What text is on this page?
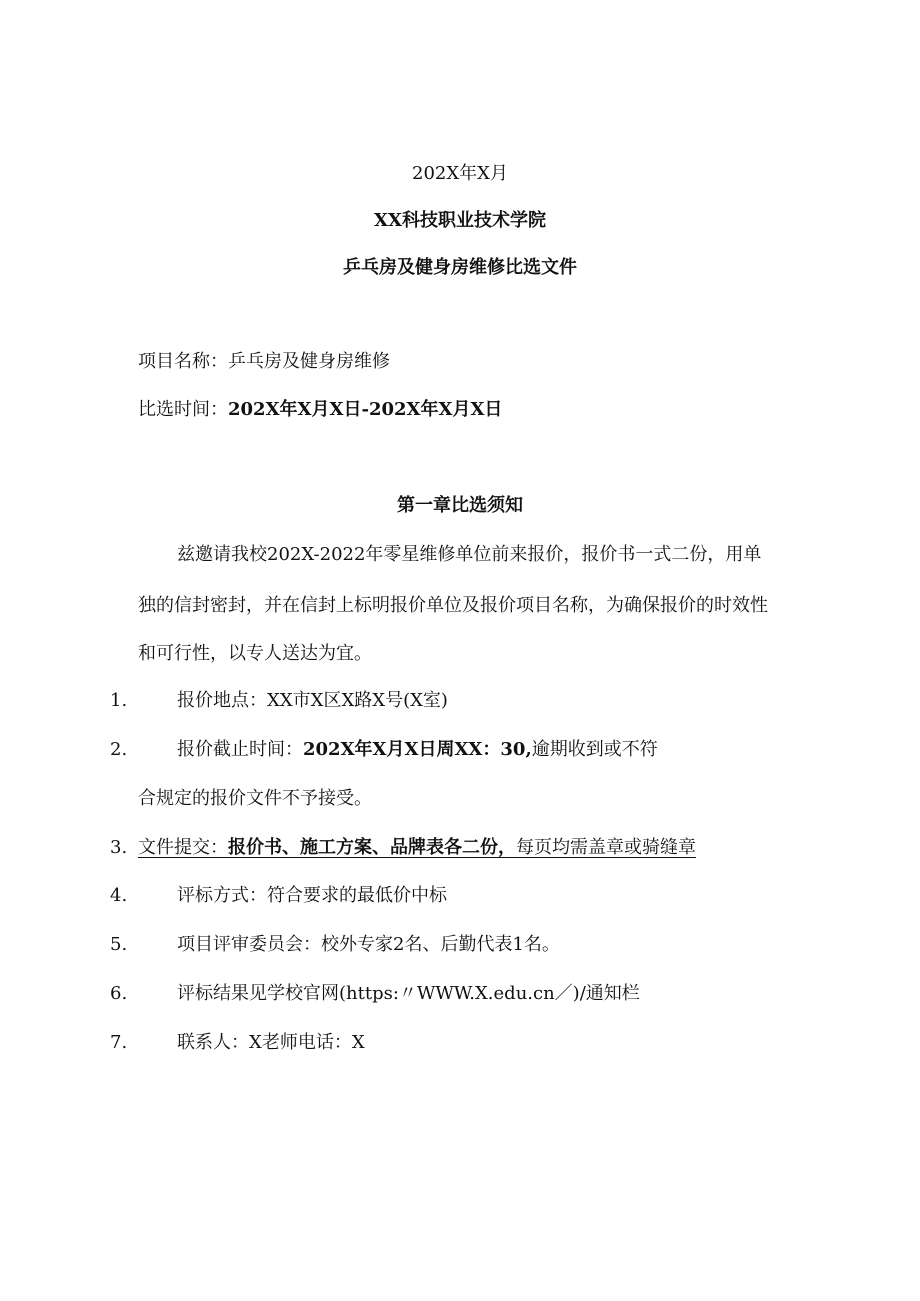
202X年X月
XX科技职业技术学院
乒乓房及健身房维修比选文件
项目名称：乒乓房及健身房维修
比选时间：202X年X月X日-202X年X月X日
第一章比选须知
兹邀请我校202X-2022年零星维修单位前来报价，报价书一式二份，用单
独的信封密封，并在信封上标明报价单位及报价项目名称，为确保报价的时效性
和可行性，以专人送达为宜。
1.	报价地点：XX市X区X路X号(X室)
2.	报价截止时间：202X年X月X日周XX：30,逾期收到或不符
合规定的报价文件不予接受。
3. 文件提交：报价书、施工方案、品牌表各二份，每页均需盖章或骑缝章
4.	评标方式：符合要求的最低价中标
5.	项目评审委员会：校外专家2名、后勤代表1名。
6.	评标结果见学校官网(https:〃WWW.X.edu.cn／)/通知栏
7.	联系人：X老师电话：X
